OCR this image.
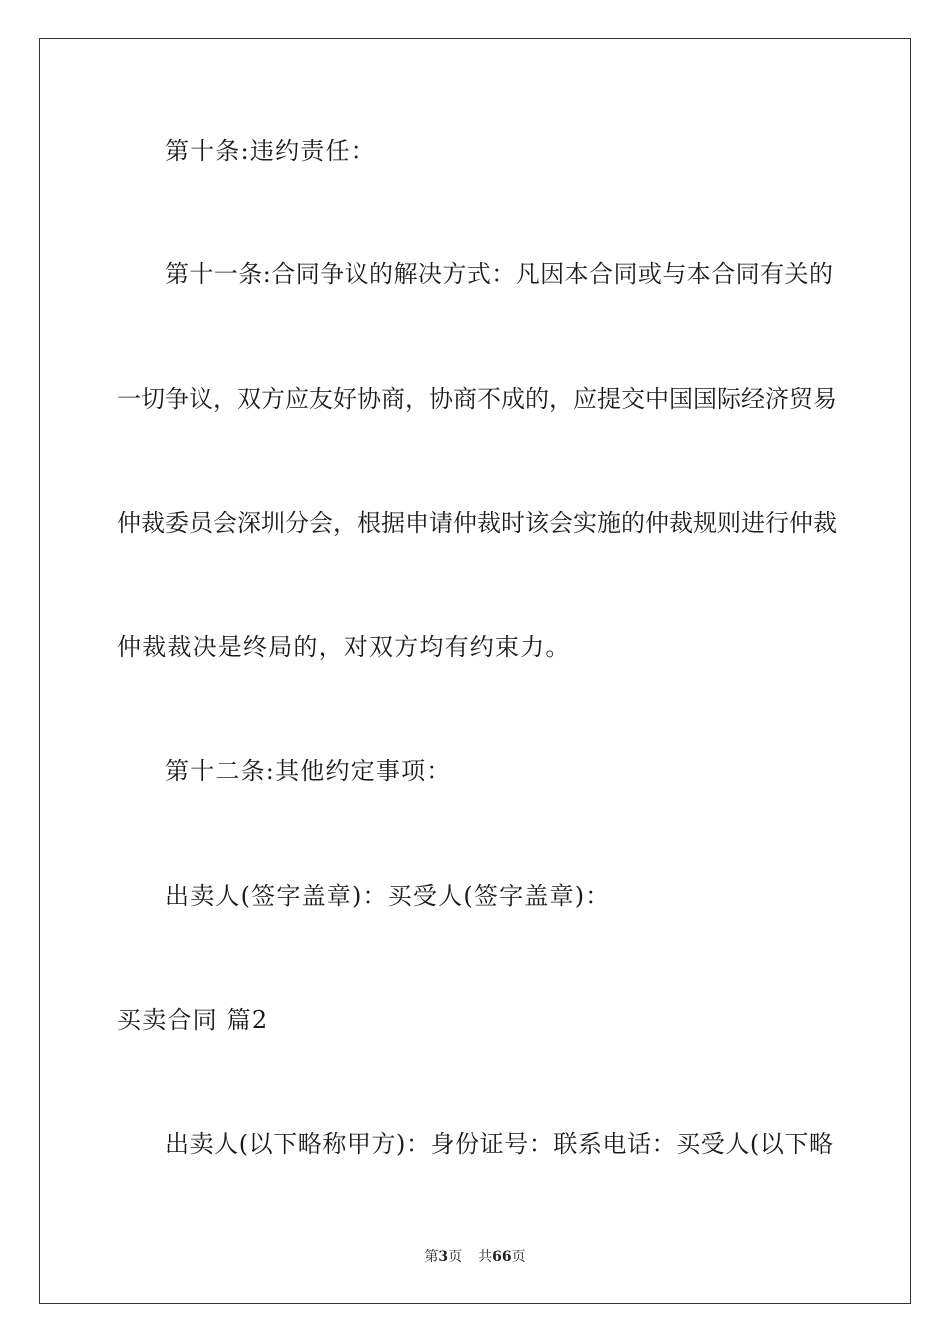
第十条:违约责任：
第十一条:合同争议的解决方式：凡因本合同或与本合同有关的
一切争议，双方应友好协商，协商不成的，应提交中国国际经济贸易
仲裁委员会深圳分会，根据申请仲裁时该会实施的仲裁规则进行仲裁
仲裁裁决是终局的，对双方均有约束力。
第十二条:其他约定事项：
出卖人(签字盖章)：买受人(签字盖章)：
买卖合同 篇2
出卖人(以下略称甲方)：身份证号：联系电话：买受人(以下略
第3页 共66页
